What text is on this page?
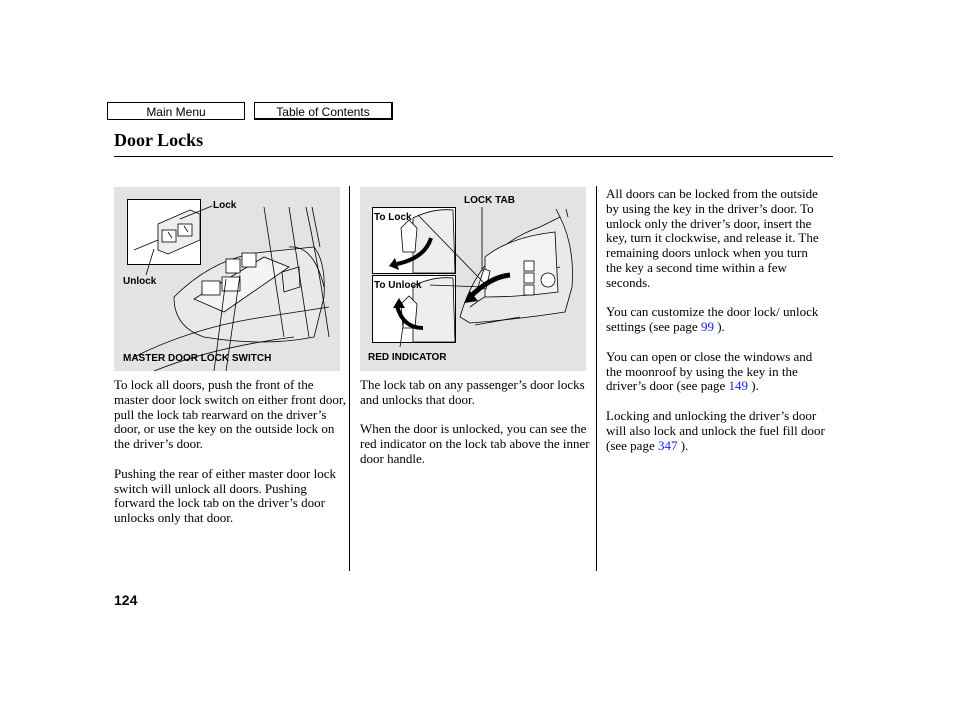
Main Menu	Table of Contents
Door Locks
Lock
Unlock
MASTER DOOR LOCK SWITCH
To Lock
To Unlock
LOCK TAB
RED INDICATOR

To lock all doors, push the front of the master door lock switch on either front door, pull the lock tab rearward on the driver’s door, or use the key on the outside lock on the driver’s door.

Pushing the rear of either master door lock switch will unlock all doors. Pushing forward the lock tab on the driver’s door unlocks only that door.

The lock tab on any passenger’s door locks and unlocks that door.

When the door is unlocked, you can see the red indicator on the lock tab above the inner door handle.

All doors can be locked from the outside by using the key in the driver’s door. To unlock only the driver’s door, insert the key, turn it clockwise, and release it. The remaining doors unlock when you turn the key a second time within a few seconds.

You can customize the door lock/ unlock settings (see page 99 ).

You can open or close the windows and the moonroof by using the key in the driver’s door (see page 149 ).

Locking and unlocking the driver’s door will also lock and unlock the fuel fill door (see page 347 ).

124
